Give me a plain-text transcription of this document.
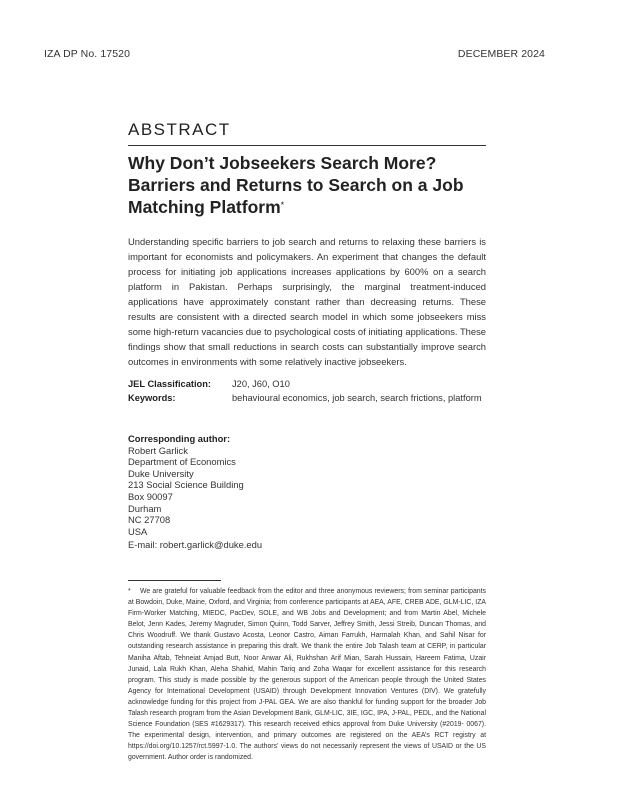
IZA DP No. 17520	DECEMBER 2024
ABSTRACT
Why Don’t Jobseekers Search More? Barriers and Returns to Search on a Job Matching Platform*
Understanding specific barriers to job search and returns to relaxing these barriers is important for economists and policymakers. An experiment that changes the default process for initiating job applications increases applications by 600% on a search platform in Pakistan. Perhaps surprisingly, the marginal treatment-induced applications have approximately constant rather than decreasing returns. These results are consistent with a directed search model in which some jobseekers miss some high-return vacancies due to psychological costs of initiating applications. These findings show that small reductions in search costs can substantially improve search outcomes in environments with some relatively inactive jobseekers.
JEL Classification: J20, J60, O10
Keywords:	behavioural economics, job search, search frictions, platform
Corresponding author:
Robert Garlick
Department of Economics
Duke University
213 Social Science Building
Box 90097
Durham
NC 27708
USA
E-mail: robert.garlick@duke.edu
* We are grateful for valuable feedback from the editor and three anonymous reviewers; from seminar participants at Bowdoin, Duke, Maine, Oxford, and Virginia; from conference participants at AEA, AFE, CREB ADE, GLM-LIC, IZA Firm-Worker Matching, MIEDC, PacDev, SOLE, and WB Jobs and Development; and from Martin Abel, Michele Belot, Jenn Kades, Jeremy Magruder, Simon Quinn, Todd Sarver, Jeffrey Smith, Jessi Streib, Duncan Thomas, and Chris Woodruff. We thank Gustavo Acosta, Leonor Castro, Aiman Farrukh, Harmalah Khan, and Sahil Nisar for outstanding research assistance in preparing this draft. We thank the entire Job Talash team at CERP, in particular Maniha Aftab, Tehneiat Amjad Butt, Noor Anwar Ali, Rukhshan Arif Mian, Sarah Hussain, Hareem Fatima, Uzair Junaid, Lala Rukh Khan, Aleha Shahid, Mahin Tariq and Zoha Waqar for excellent assistance for this research program. This study is made possible by the generous support of the American people through the United States Agency for International Development (USAID) through Development Innovation Ventures (DIV). We gratefully acknowledge funding for this project from J-PAL GEA. We are also thankful for funding support for the broader Job Talash research program from the Asian Development Bank, GLM-LIC, 3IE, IGC, IPA, J-PAL, PEDL, and the National Science Foundation (SES #1629317). This research received ethics approval from Duke University (#2019- 0067). The experimental design, intervention, and primary outcomes are registered on the AEA’s RCT registry at https://doi.org/10.1257/rct.5997-1.0. The authors’ views do not necessarily represent the views of USAID or the US government. Author order is randomized.
